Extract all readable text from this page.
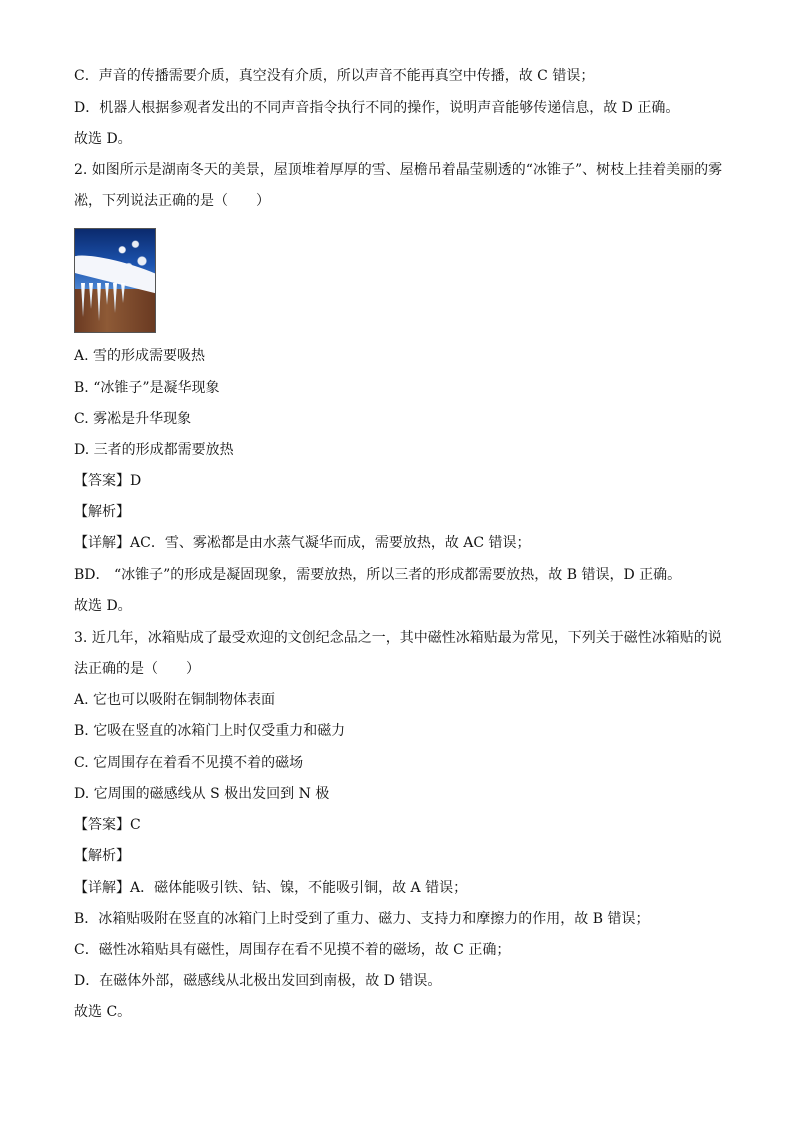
C．声音的传播需要介质，真空没有介质，所以声音不能再真空中传播，故 C 错误；
D．机器人根据参观者发出的不同声音指令执行不同的操作，说明声音能够传递信息，故 D 正确。
故选 D。
2. 如图所示是湖南冬天的美景，屋顶堆着厚厚的雪、屋檐吊着晶莹剔透的“冰锥子”、树枝上挂着美丽的雾
凇，下列说法正确的是（　　）
A. 雪的形成需要吸热
B. “冰锥子”是凝华现象
C. 雾凇是升华现象
D. 三者的形成都需要放热
【答案】D
【解析】
【详解】AC．雪、雾凇都是由水蒸气凝华而成，需要放热，故 AC 错误；
BD． “冰锥子”的形成是凝固现象，需要放热，所以三者的形成都需要放热，故 B 错误，D 正确。
故选 D。
3. 近几年，冰箱贴成了最受欢迎的文创纪念品之一，其中磁性冰箱贴最为常见，下列关于磁性冰箱贴的说
法正确的是（　　）
A. 它也可以吸附在铜制物体表面
B. 它吸在竖直的冰箱门上时仅受重力和磁力
C. 它周围存在着看不见摸不着的磁场
D. 它周围的磁感线从 S 极出发回到 N 极
【答案】C
【解析】
【详解】A．磁体能吸引铁、钴、镍，不能吸引铜，故 A 错误；
B．冰箱贴吸附在竖直的冰箱门上时受到了重力、磁力、支持力和摩擦力的作用，故 B 错误；
C．磁性冰箱贴具有磁性，周围存在看不见摸不着的磁场，故 C 正确；
D．在磁体外部，磁感线从北极出发回到南极，故 D 错误。
故选 C。
